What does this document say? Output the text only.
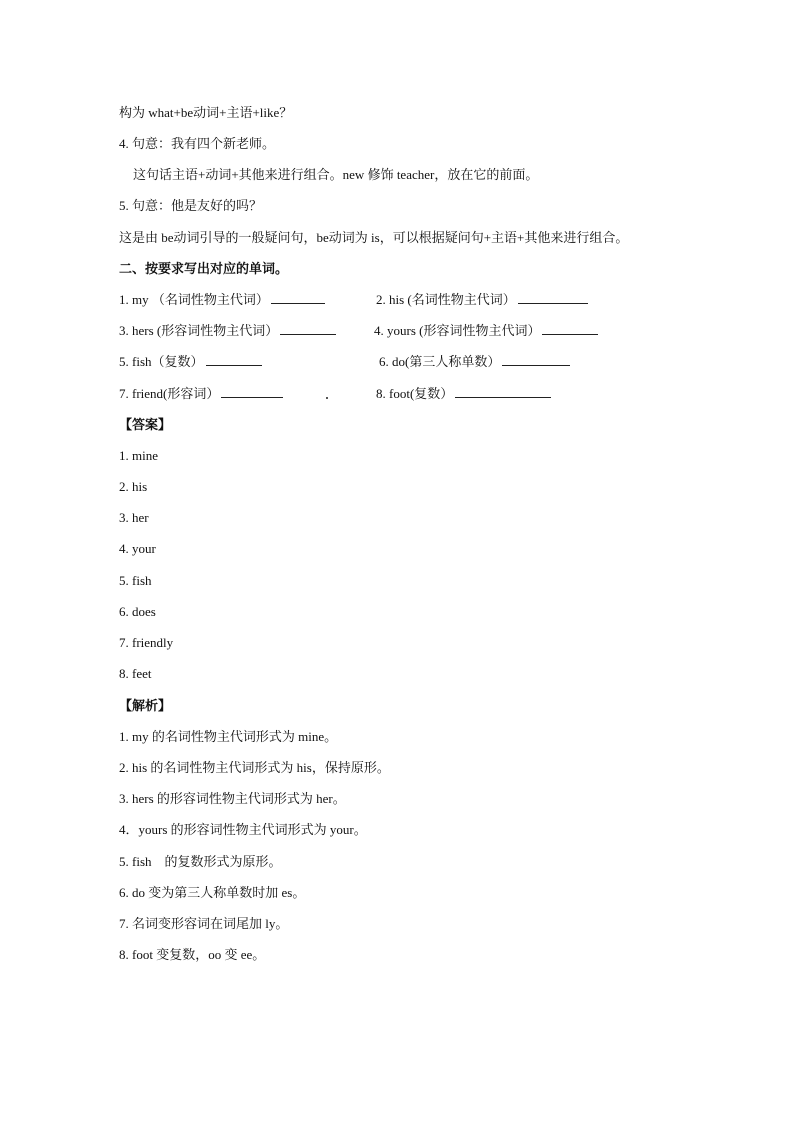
构为 what+be动词+主语+like？
4. 句意：我有四个新老师。
这句话主语+动词+其他来进行组合。new 修饰 teacher，放在它的前面。
5. 句意：他是友好的吗？
这是由 be动词引导的一般疑问句，be动词为 is，可以根据疑问句+主语+其他来进行组合。
二、按要求写出对应的单词。
1. my （名词性物主代词）	2. his (名词性物主代词）
3. hers (形容词性物主代词）	4. yours (形容词性物主代词）
5. fish（复数）	6. do(第三人称单数）
7. friend(形容词）	8. foot(复数）
【答案】
1. mine
2. his
3. her
4. your
5. fish
6. does
7. friendly
8. feet
【解析】
1. my 的名词性物主代词形式为 mine。
2. his 的名词性物主代词形式为 his，保持原形。
3. hers 的形容词性物主代词形式为 her。
4．yours 的形容词性物主代词形式为 your。
5. fish　的复数形式为原形。
6. do 变为第三人称单数时加 es。
7. 名词变形容词在词尾加 ly。
8. foot 变复数，oo 变 ee。
